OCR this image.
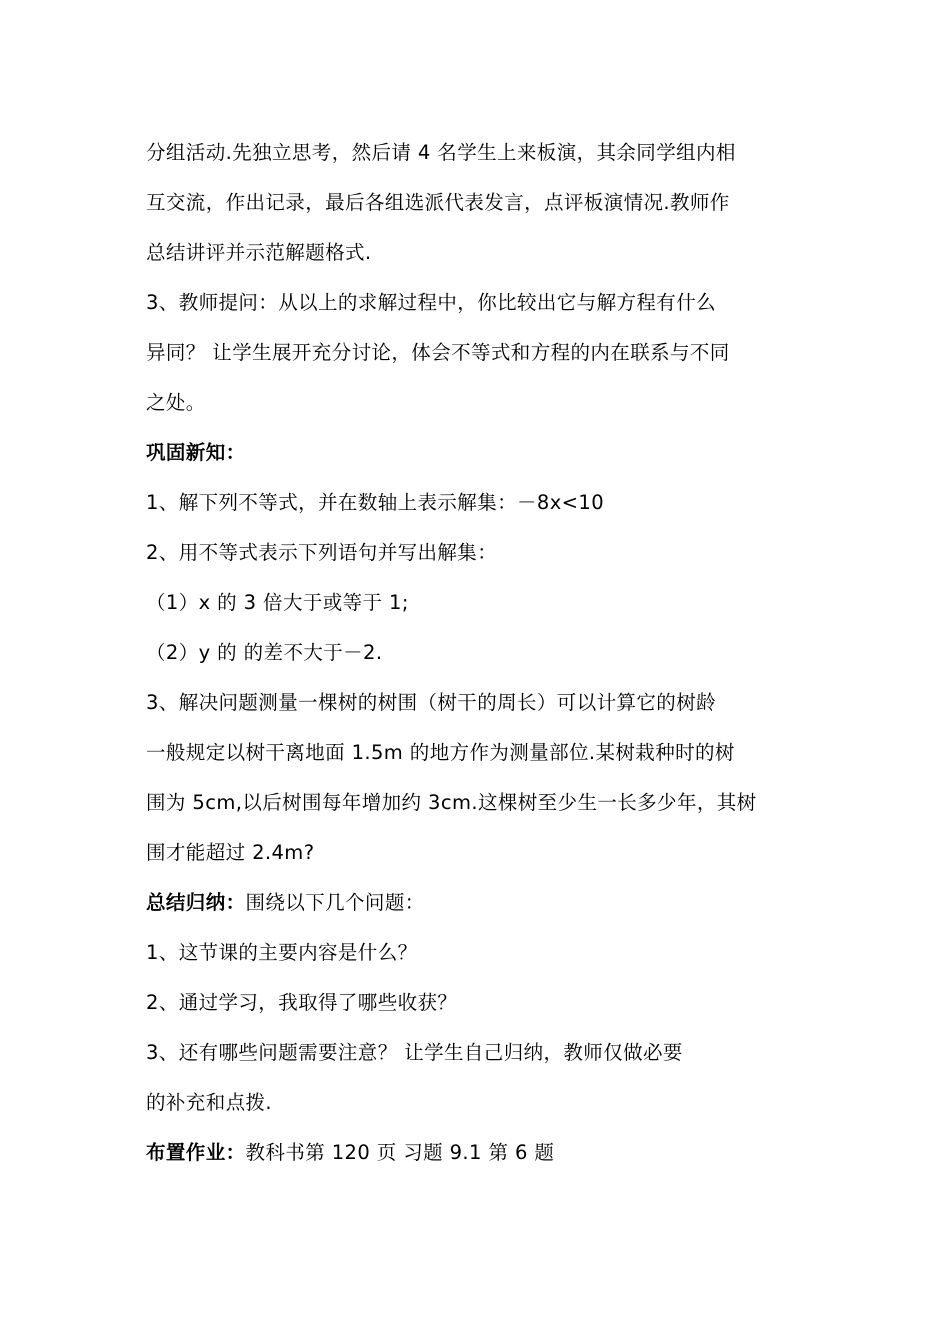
分组活动.先独立思考，然后请 4 名学生上来板演，其余同学组内相
互交流，作出记录，最后各组选派代表发言，点评板演情况.教师作
总结讲评并示范解题格式.
3、教师提问：从以上的求解过程中，你比较出它与解方程有什么
异同？ 让学生展开充分讨论，体会不等式和方程的内在联系与不同
之处。
巩固新知：
1、解下列不等式，并在数轴上表示解集：－8x<10
2、用不等式表示下列语句并写出解集：
（1）x 的 3 倍大于或等于 1;
（2）y 的 的差不大于－2.
3、解决问题测量一棵树的树围（树干的周长）可以计算它的树龄
一般规定以树干离地面 1.5m 的地方作为测量部位.某树栽种时的树
围为 5cm,以后树围每年增加约 3cm.这棵树至少生一长多少年，其树
围才能超过 2.4m?
总结归纳：围绕以下几个问题：
1、这节课的主要内容是什么？
2、通过学习，我取得了哪些收获？
3、还有哪些问题需要注意？ 让学生自己归纳，教师仅做必要
的补充和点拨.
布置作业：教科书第 120 页 习题 9.1 第 6 题
